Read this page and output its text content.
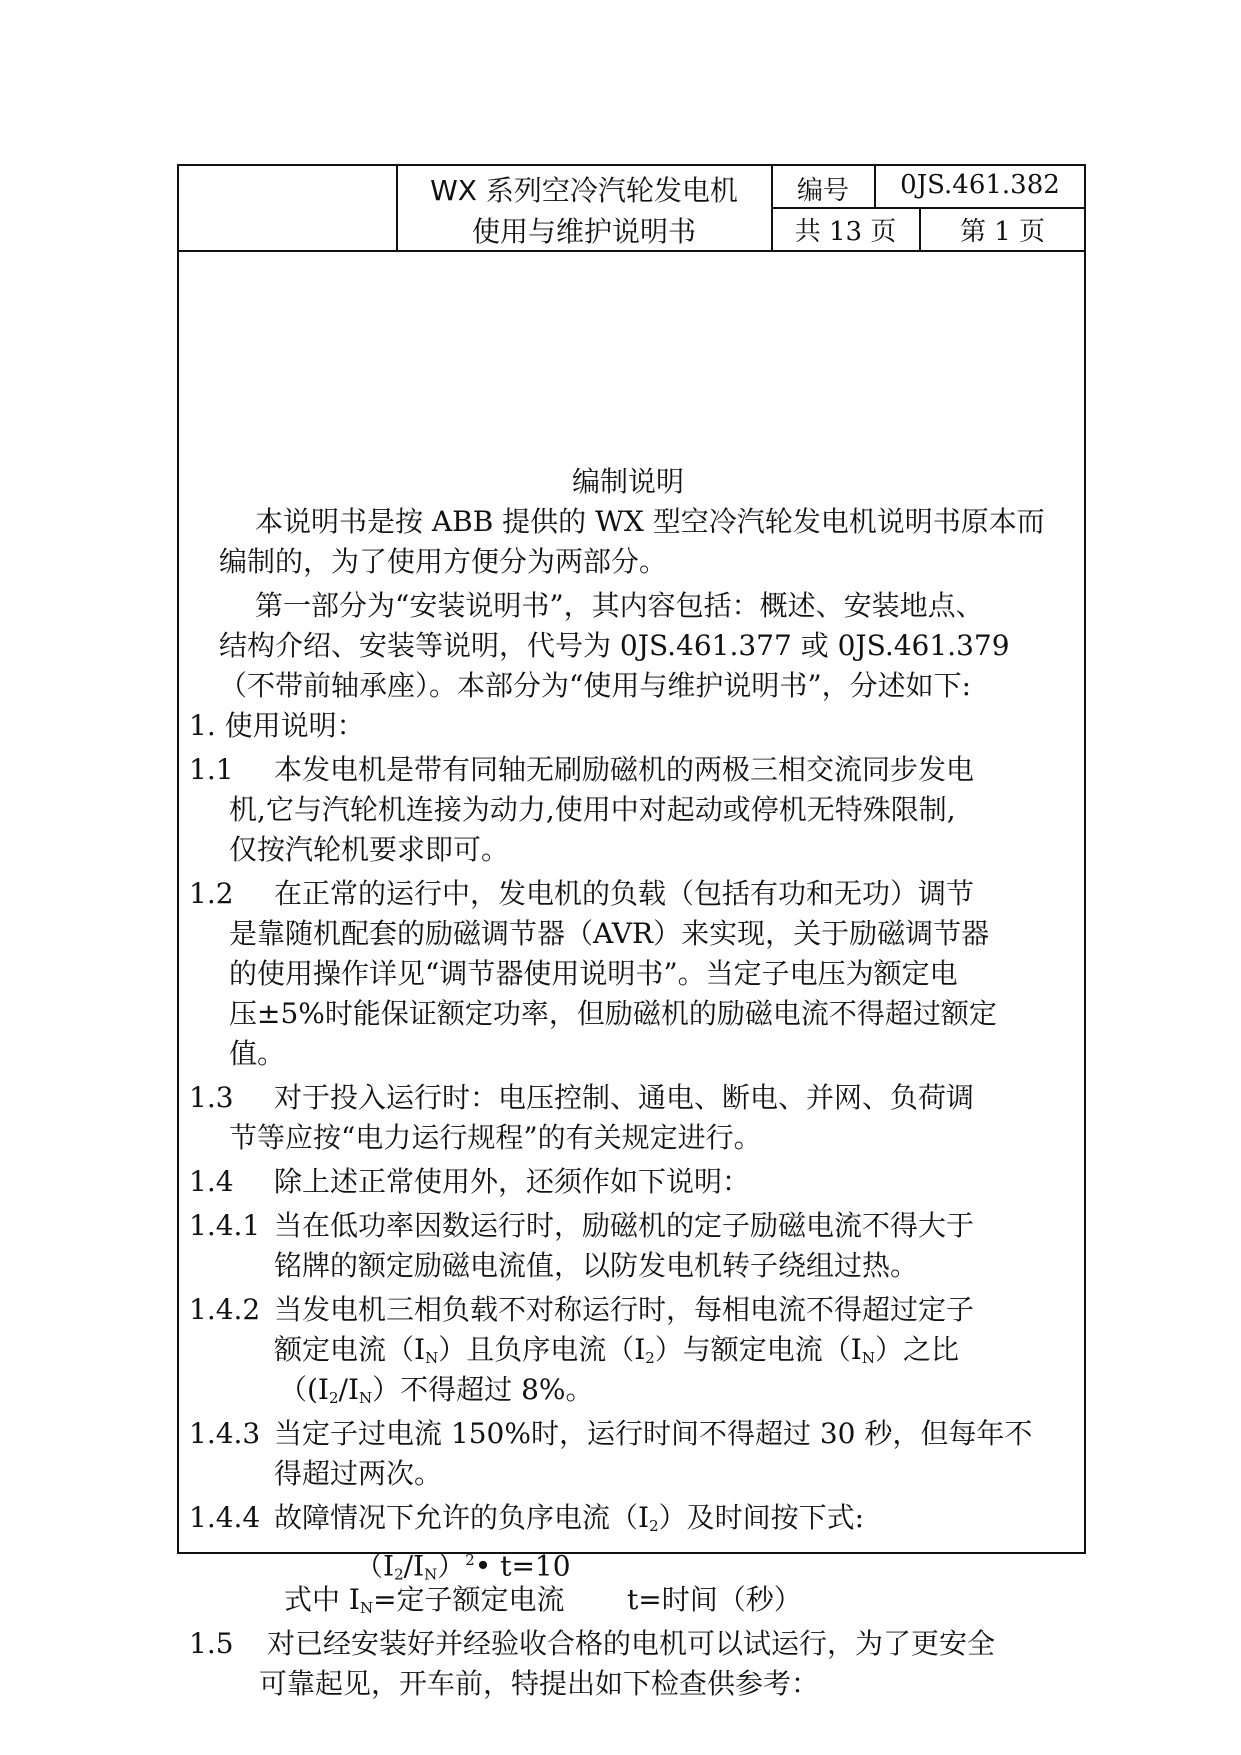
WX 系列空冷汽轮发电机
使用与维护说明书
编号	0JS.461.382
共 13 页	第 1 页
编制说明
本说明书是按 ABB 提供的 WX 型空冷汽轮发电机说明书原本而
编制的，为了使用方便分为两部分。
第一部分为“安装说明书”，其内容包括：概述、安装地点、
结构介绍、安装等说明，代号为 0JS.461.377 或 0JS.461.379
（不带前轴承座）。本部分为“使用与维护说明书”，分述如下:
1. 使用说明：
1.1 本发电机是带有同轴无刷励磁机的两极三相交流同步发电
机,它与汽轮机连接为动力,使用中对起动或停机无特殊限制,
仅按汽轮机要求即可。
1.2 在正常的运行中，发电机的负载（包括有功和无功）调节
是靠随机配套的励磁调节器（AVR）来实现，关于励磁调节器
的使用操作详见“调节器使用说明书”。当定子电压为额定电
压±5%时能保证额定功率，但励磁机的励磁电流不得超过额定
值。
1.3 对于投入运行时：电压控制、通电、断电、并网、负荷调
节等应按“电力运行规程”的有关规定进行。
1.4 除上述正常使用外，还须作如下说明：
1.4.1 当在低功率因数运行时，励磁机的定子励磁电流不得大于
铭牌的额定励磁电流值，以防发电机转子绕组过热。
1.4.2 当发电机三相负载不对称运行时，每相电流不得超过定子
额定电流$(I_N)$且负序电流$(I_2)$与额定电流$(I_N)$之比
（$(I_2/I_N)$不得超过 8%。
1.4.3 当定子过电流 150%时，运行时间不得超过 30 秒，但每年不
得超过两次。
1.4.4 故障情况下允许的负序电流$(I_2)$及时间按下式:
$(I_2/I_N)^2•$ t=10
式中 $I_N=$定子额定电流 t=时间（秒）
1.5 对已经安装好并经验收合格的电机可以试运行，为了更安全
可靠起见，开车前，特提出如下检查供参考：
